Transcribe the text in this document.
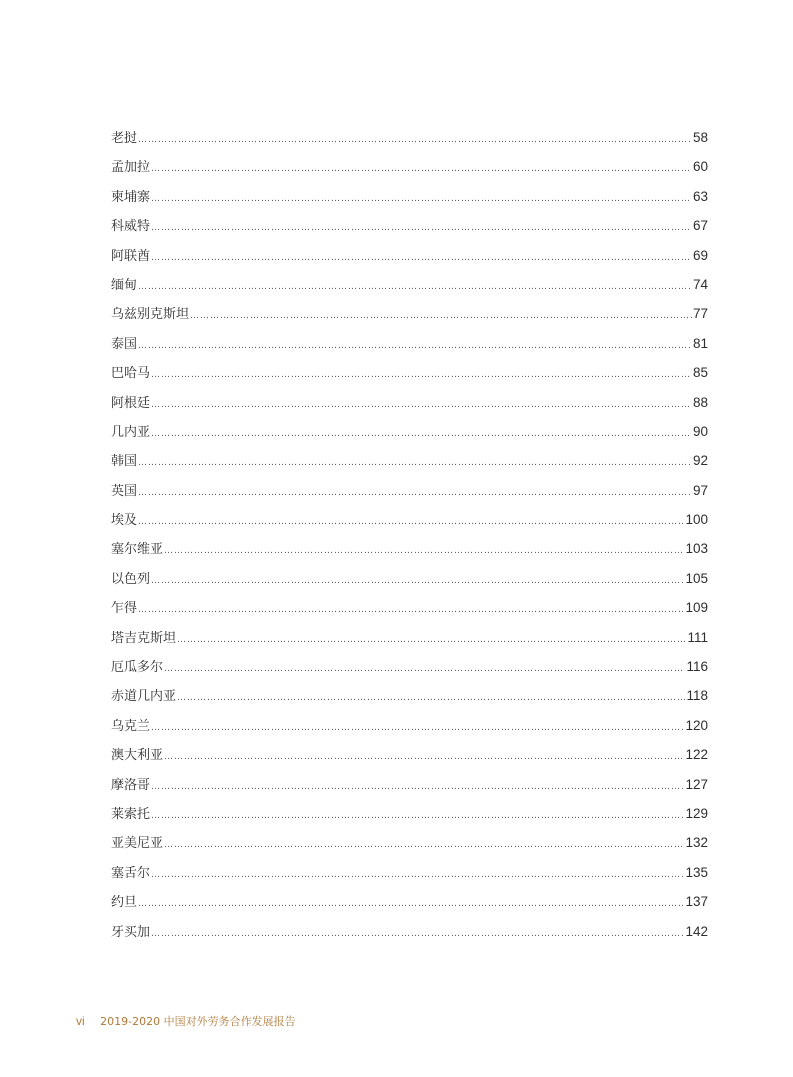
老挝 ……………………………………………………………………………………………………………………………………………………………………………………………………………………	58
孟加拉 ……………………………………………………………………………………………………………………………………………………………………………………………………………………	60
柬埔寨 ……………………………………………………………………………………………………………………………………………………………………………………………………………………	63
科威特 ……………………………………………………………………………………………………………………………………………………………………………………………………………………	67
阿联酋 ……………………………………………………………………………………………………………………………………………………………………………………………………………………	69
缅甸 ……………………………………………………………………………………………………………………………………………………………………………………………………………………	74
乌兹别克斯坦 ……………………………………………………………………………………………………………………………………………………………………………………………………………………	77
泰国 ……………………………………………………………………………………………………………………………………………………………………………………………………………………	81
巴哈马 ……………………………………………………………………………………………………………………………………………………………………………………………………………………	85
阿根廷 ……………………………………………………………………………………………………………………………………………………………………………………………………………………	88
几内亚 ……………………………………………………………………………………………………………………………………………………………………………………………………………………	90
韩国 ……………………………………………………………………………………………………………………………………………………………………………………………………………………	92
英国 ……………………………………………………………………………………………………………………………………………………………………………………………………………………	97
埃及 ……………………………………………………………………………………………………………………………………………………………………………………………………………………	100
塞尔维亚 ……………………………………………………………………………………………………………………………………………………………………………………………………………………	103
以色列 ……………………………………………………………………………………………………………………………………………………………………………………………………………………	105
乍得 ……………………………………………………………………………………………………………………………………………………………………………………………………………………	109
塔吉克斯坦 ……………………………………………………………………………………………………………………………………………………………………………………………………………………	111
厄瓜多尔 ……………………………………………………………………………………………………………………………………………………………………………………………………………………	116
赤道几内亚 ……………………………………………………………………………………………………………………………………………………………………………………………………………………	118
乌克兰 ……………………………………………………………………………………………………………………………………………………………………………………………………………………	120
澳大利亚 ……………………………………………………………………………………………………………………………………………………………………………………………………………………	122
摩洛哥 ……………………………………………………………………………………………………………………………………………………………………………………………………………………	127
莱索托 ……………………………………………………………………………………………………………………………………………………………………………………………………………………	129
亚美尼亚 ……………………………………………………………………………………………………………………………………………………………………………………………………………………	132
塞舌尔 ……………………………………………………………………………………………………………………………………………………………………………………………………………………	135
约旦 ……………………………………………………………………………………………………………………………………………………………………………………………………………………	137
牙买加 ……………………………………………………………………………………………………………………………………………………………………………………………………………………	142
vi 2019-2020 中国对外劳务合作发展报告
